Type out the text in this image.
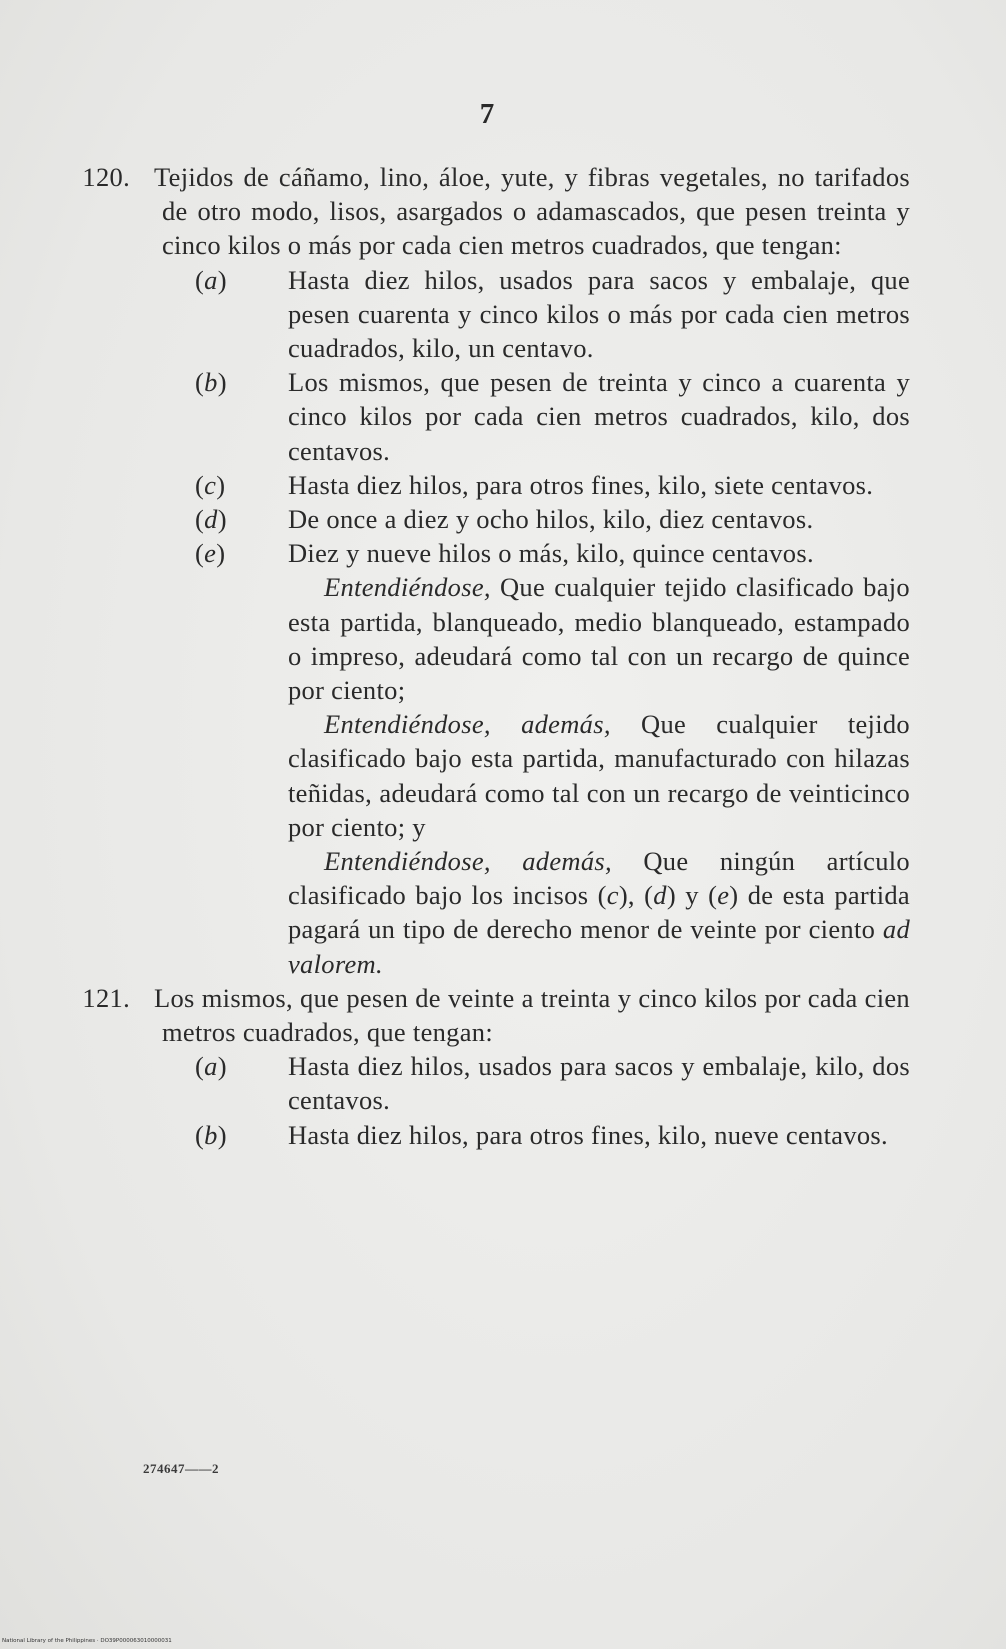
7
120. Tejidos de cáñamo, lino, áloe, yute, y fibras vegetales, no tarifados de otro modo, lisos, asargados o adamascados, que pesen treinta y cinco kilos o más por cada cien metros cuadrados, que tengan:
(a) Hasta diez hilos, usados para sacos y embalaje, que pesen cuarenta y cinco kilos o más por cada cien metros cuadrados, kilo, un centavo.
(b) Los mismos, que pesen de treinta y cinco a cuarenta y cinco kilos por cada cien metros cuadrados, kilo, dos centavos.
(c) Hasta diez hilos, para otros fines, kilo, siete centavos.
(d) De once a diez y ocho hilos, kilo, diez centavos.
(e) Diez y nueve hilos o más, kilo, quince centavos.
Entendiéndose, Que cualquier tejido clasificado bajo esta partida, blanqueado, medio blanqueado, estampado o impreso, adeudará como tal con un recargo de quince por ciento;
Entendiéndose, además, Que cualquier tejido clasificado bajo esta partida, manufacturado con hilazas teñidas, adeudará como tal con un recargo de veinticinco por ciento; y
Entendiéndose, además, Que ningún artículo clasificado bajo los incisos (c), (d) y (e) de esta partida pagará un tipo de derecho menor de veinte por ciento ad valorem.
121. Los mismos, que pesen de veinte a treinta y cinco kilos por cada cien metros cuadrados, que tengan:
(a) Hasta diez hilos, usados para sacos y embalaje, kilo, dos centavos.
(b) Hasta diez hilos, para otros fines, kilo, nueve centavos.
274647——2
National Library of the Philippines · DO39P000063010000031
